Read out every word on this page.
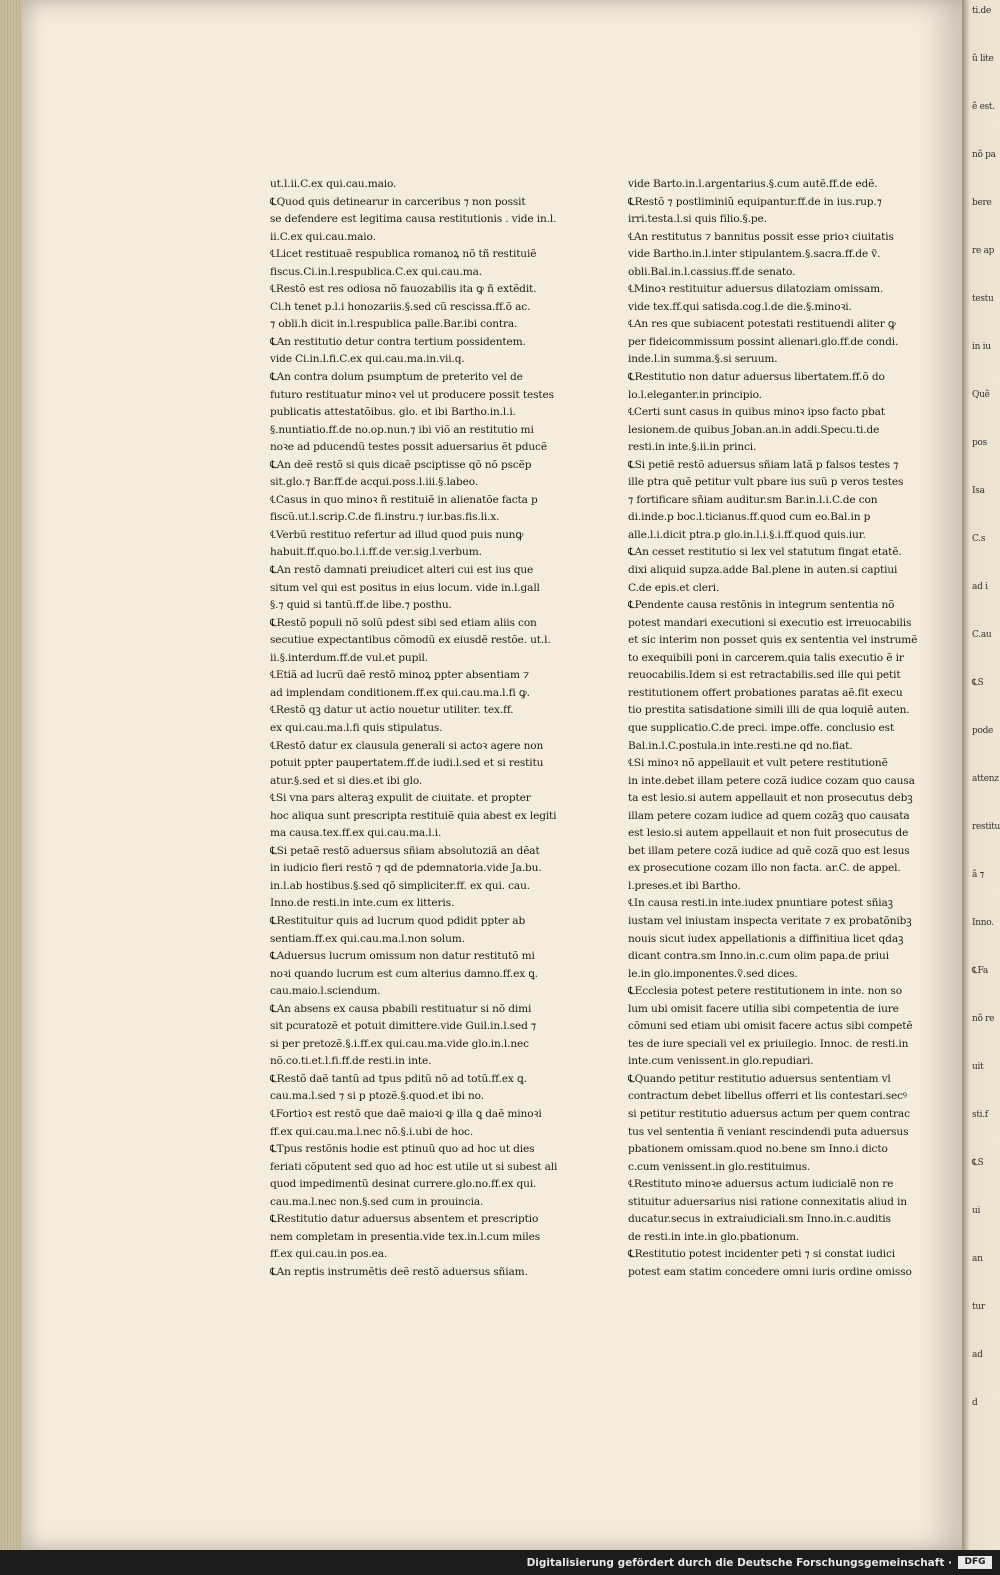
ut.l.ii.C.ex qui.cau.maio.
℄Quod quis detinearur in carceribus ⁊ non possit
se defendere est legitima causa restitutionis . vide in.l.
ii.C.ex qui.cau.maio.
℄Licet restituaẽ respublica romanoꝝ nõ tñ restituiẽ
fiscus.Ci.in.l.respublica.C.ex qui.cau.ma.
℄Restõ est res odiosa nõ fauozabilis ita ꝙ ñ extẽdit.
Ci.h tenet p.l.i honozariis.§.sed cũ rescissa.ff.õ ac.
⁊ obli.h dicit in.l.respublica palle.Bar.ibi contra.
℄An restitutio detur contra tertium possidentem.
vide Ci.in.l.fi.C.ex qui.cau.ma.in.vii.q.
℄An contra dolum psumptum de preterito vel de
futuro restituatur minoꝛ vel ut producere possit testes
publicatis attestatõibus. glo. et ibi Bartho.in.l.i.
§.nuntiatio.ff.de no.op.nun.⁊ ibi viõ an restitutio mi
noꝛe ad pducendũ testes possit aduersarius ẽt pducẽ
℄An deẽ restõ si quis dicaẽ psciptisse qõ nõ pscẽp
sit.glo.⁊ Bar.ff.de acqui.poss.l.iii.§.labeo.
℄Casus in quo minoꝛ ñ restituiẽ in alienatõe facta p
fiscũ.ut.l.scrip.C.de fi.instru.⁊ iur.bas.fis.li.x.
℄Verbũ restituo refertur ad illud quod puis nunꝙ
habuit.ff.quo.bo.l.i.ff.de ver.sig.l.verbum.
℄An restõ damnati preiudicet alteri cui est ius que
situm vel qui est positus in eius locum. vide in.l.gall
§.⁊ quid si tantũ.ff.de libe.⁊ posthu.
℄Restõ populi nõ solũ pdest sibi sed etiam aliis con
secutiue expectantibus cõmodũ ex eiusdẽ restõe. ut.l.
ii.§.interdum.ff.de vul.et pupil.
℄Etiã ad lucrũ daẽ restõ minoꝝ ppter absentiam ⁊
ad implendam conditionem.ff.ex qui.cau.ma.l.fi ꝙ.
℄Restõ qꝫ datur ut actio nouetur utiliter. tex.ff.
ex qui.cau.ma.l.fi quis stipulatus.
℄Restõ datur ex clausula generali si actoꝛ agere non
potuit ppter paupertatem.ff.de iudi.l.sed et si restitu
atur.§.sed et si dies.et ibi glo.
℄Si vna pars alteraꝫ expulit de ciuitate. et propter
hoc aliqua sunt prescripta restituiẽ quia abest ex legiti
ma causa.tex.ff.ex qui.cau.ma.l.i.
℄Si petaẽ restõ aduersus sñiam absolutoziã an dẽat
in iudicio fieri restõ ⁊ qd de pdemnatoria.vide Ja.bu.
in.l.ab hostibus.§.sed qõ simpliciter.ff. ex qui. cau.
Inno.de resti.in inte.cum ex litteris.
℄Restituitur quis ad lucrum quod pdidit ppter ab
sentiam.ff.ex qui.cau.ma.l.non solum.
℄Aduersus lucrum omissum non datur restitutõ mi
noꝛi quando lucrum est cum alterius damno.ff.ex ꝗ.
cau.maio.l.sciendum.
℄An absens ex causa pbabili restituatur si nõ dimi
sit pcuratozẽ et potuit dimittere.vide Guil.in.l.sed ⁊
si per pretozẽ.§.i.ff.ex qui.cau.ma.vide glo.in.l.nec
nõ.co.ti.et.l.fi.ff.de resti.in inte.
℄Restõ daẽ tantũ ad tpus pditũ nõ ad totũ.ff.ex ꝗ.
cau.ma.l.sed ⁊ si p ptozẽ.§.quod.et ibi no.
℄Fortioꝛ est restõ que daẽ maioꝛi ꝙ illa ꝗ daẽ minoꝛi
ff.ex qui.cau.ma.l.nec nõ.§.i.ubi de hoc.
℄Tpus restõnis hodie est ptinuũ quo ad hoc ut dies
feriati cõputent sed quo ad hoc est utile ut si subest ali
quod impedimentũ desinat currere.glo.no.ff.ex qui.
cau.ma.l.nec non.§.sed cum in prouincia.
℄Restitutio datur aduersus absentem et prescriptio
nem completam in presentia.vide tex.in.l.cum miles
ff.ex qui.cau.in pos.ea.
℄An reptis instrumẽtis deẽ restõ aduersus sñiam.
vide Barto.in.l.argentarius.§.cum autẽ.ff.de edẽ.
℄Restõ ⁊ postliminiũ equipantur.ff.de in ius.rup.⁊
irri.testa.l.si quis filio.§.pe.
℄An restitutus ⁊ bannitus possit esse prioꝛ ciuitatis
vide Bartho.in.l.inter stipulantem.§.sacra.ff.de ṽ.
obli.Bal.in.l.cassius.ff.de senato.
℄Minoꝛ restituitur aduersus dilatoziam omissam.
vide tex.ff.qui satisda.cog.l.de die.§.minoꝛi.
℄An res que subiacent potestati restituendi aliter ꝙ
per fideicommissum possint alienari.glo.ff.de condi.
inde.l.in summa.§.si seruum.
℄Restitutio non datur aduersus libertatem.ff.õ do
lo.l.eleganter.in principio.
℄Certi sunt casus in quibus minoꝛ ipso facto pbat
lesionem.de quibus Joban.an.in addi.Specu.ti.de
resti.in inte.§.ii.in princi.
℄Si petiẽ restõ aduersus sñiam latã p falsos testes ⁊
ille ptra quẽ petitur vult pbare ius suũ p veros testes
⁊ fortificare sñiam auditur.sm Bar.in.l.i.C.de con
di.inde.p boc.l.ticianus.ff.quod cum eo.Bal.in p
alle.l.i.dicit ptra.p glo.in.l.i.§.i.ff.quod quis.iur.
℄An cesset restitutio si lex vel statutum fingat etatẽ.
dixi aliquid supza.adde Bal.plene in auten.si captiui
C.de epis.et cleri.
℄Pendente causa restõnis in integrum sententia nõ
potest mandari executioni si executio est irreuocabilis
et sic interim non posset quis ex sententia vel instrumẽ
to exequibili poni in carcerem.quia talis executio ẽ ir
reuocabilis.Idem si est retractabilis.sed ille qui petit
restitutionem offert probationes paratas aẽ.fit execu
tio prestita satisdatione simili illi de qua loquiẽ auten.
que supplicatio.C.de preci. impe.offe. conclusio est
Bal.in.l.C.postula.in inte.resti.ne qd no.fiat.
℄Si minoꝛ nõ appellauit et vult petere restitutionẽ
in inte.debet illam petere cozã iudice cozam quo causa
ta est lesio.si autem appellauit et non prosecutus debꝫ
illam petere cozam iudice ad quem cozãꝫ quo causata
est lesio.si autem appellauit et non fuit prosecutus de
bet illam petere cozã iudice ad quẽ cozã quo est lesus
ex prosecutione cozam illo non facta. ar.C. de appel.
l.preses.et ibi Bartho.
℄In causa resti.in inte.iudex pnuntiare potest sñiaꝫ
iustam vel iniustam inspecta veritate ⁊ ex probatõnibꝫ
nouis sicut iudex appellationis a diffinitiua licet qdaꝫ
dicant contra.sm Inno.in.c.cum olim papa.de priui
le.in glo.imponentes.ṽ.sed dices.
℄Ecclesia potest petere restitutionem in inte. non so
lum ubi omisit facere utilia sibi competentia de iure
cõmuni sed etiam ubi omisit facere actus sibi competẽ
tes de iure speciali vel ex priuilegio. Innoc. de resti.in
inte.cum venissent.in glo.repudiari.
℄Quando petitur restitutio aduersus sententiam vl
contractum debet libellus offerri et lis contestari.secꝰ
si petitur restitutio aduersus actum per quem contrac
tus vel sententia ñ veniant rescindendi puta aduersus
pbationem omissam.quod no.bene sm Inno.i dicto
c.cum venissent.in glo.restituimus.
℄Restituto minoꝛe aduersus actum iudicialẽ non re
stituitur aduersarius nisi ratione connexitatis aliud in
ducatur.secus in extraiudiciali.sm Inno.in.c.auditis
de resti.in inte.in glo.pbationum.
℄Restitutio potest incidenter peti ⁊ si constat iudici
potest eam statim concedere omni iuris ordine omisso
ti.de
ũ lite
ẽ est.
nõ pa
bere
re ap
testu
in iu
Quẽ
pos
Isa
C.s
ad i
C.au
℄S
pode
attenz
restitu
ã ⁊
Inno.
℄Fa
nõ re
uit
sti.f
℄S
ui
an
tur
ad
d
Digitalisierung gefördert durch die Deutsche Forschungsgemeinschaft ·	DFG
